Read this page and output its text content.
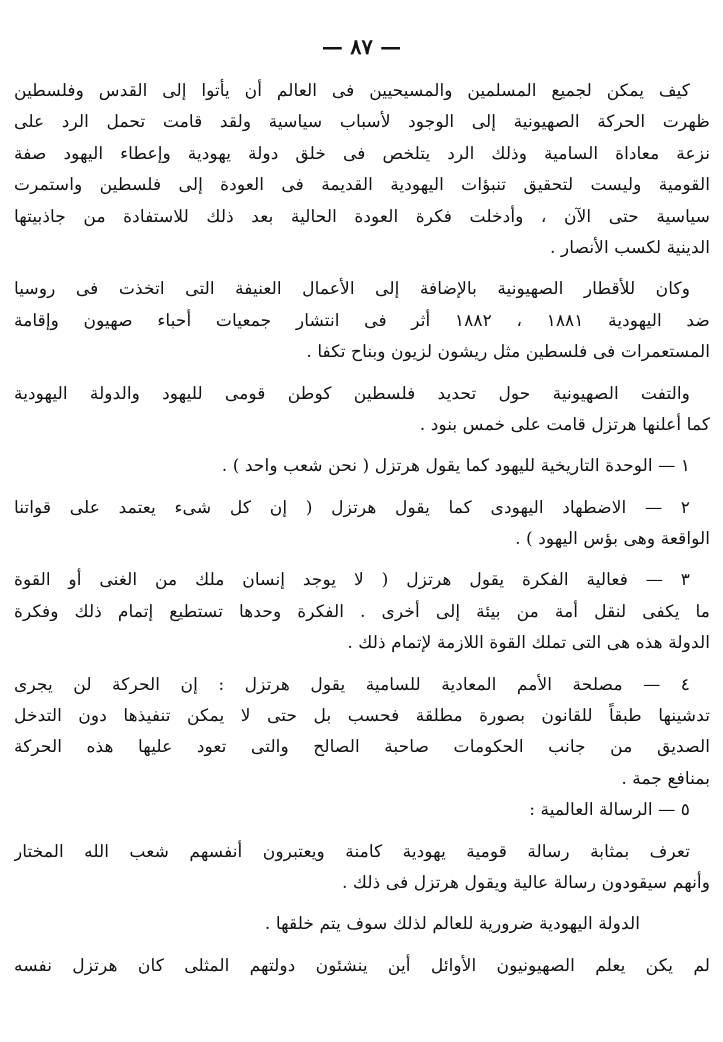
— ٨٧ —
كيف يمكن لجميع المسلمين والمسيحيين فى العالم أن يأتوا إلى القدس وفلسطين
ظهرت الحركة الصهيونية إلى الوجود لأسباب سياسية ولقد قامت تحمل الرد على
نزعة معاداة السامية وذلك الرد يتلخص فى خلق دولة يهودية وإعطاء اليهود صفة
القومية وليست لتحقيق تنبؤات اليهودية القديمة فى العودة إلى فلسطين واستمرت
سياسية حتى الآن ، وأدخلت فكرة العودة الحالية بعد ذلك للاستفادة من جاذبيتها
الدينية لكسب الأنصار .
وكان للأقطار الصهيونية بالإضافة إلى الأعمال العنيفة التى اتخذت فى روسيا
ضد اليهودية ١٨٨١ ، ١٨٨٢ أثر فى انتشار جمعيات أحباء صهيون وإقامة
المستعمرات فى فلسطين مثل ريشون لزيون وبناح تكفا .
والتفت الصهيونية حول تحديد فلسطين كوطن قومى لليهود والدولة اليهودية
كما أعلنها هرتزل قامت على خمس بنود .
١ — الوحدة التاريخية لليهود كما يقول هرتزل ( نحن شعب واحد ) .
٢ — الاضطهاد اليهودى كما يقول هرتزل ( إن كل شىء يعتمد على قواتنا
الواقعة وهى بؤس اليهود ) .
٣ — فعالية الفكرة يقول هرتزل ( لا يوجد إنسان ملك من الغنى أو القوة
ما يكفى لنقل أمة من بيئة إلى أخرى . الفكرة وحدها تستطيع إتمام ذلك وفكرة
الدولة هذه هى التى تملك القوة اللازمة لإتمام ذلك .
٤ — مصلحة الأمم المعادية للسامية يقول هرتزل : إن الحركة لن يجرى
تدشينها طبقاً للقانون بصورة مطلقة فحسب بل حتى لا يمكن تنفيذها دون التدخل
الصديق من جانب الحكومات صاحبة الصالح والتى تعود عليها هذه الحركة
بمنافع جمة .
٥ — الرسالة العالمية :
تعرف بمثابة رسالة قومية يهودية كامنة ويعتبرون أنفسهم شعب الله المختار
وأنهم سيقودون رسالة عالية ويقول هرتزل فى ذلك .
الدولة اليهودية ضرورية للعالم لذلك سوف يتم خلقها .
لم يكن يعلم الصهيونيون الأوائل أين ينشئون دولتهم المثلى كان هرتزل نفسه
